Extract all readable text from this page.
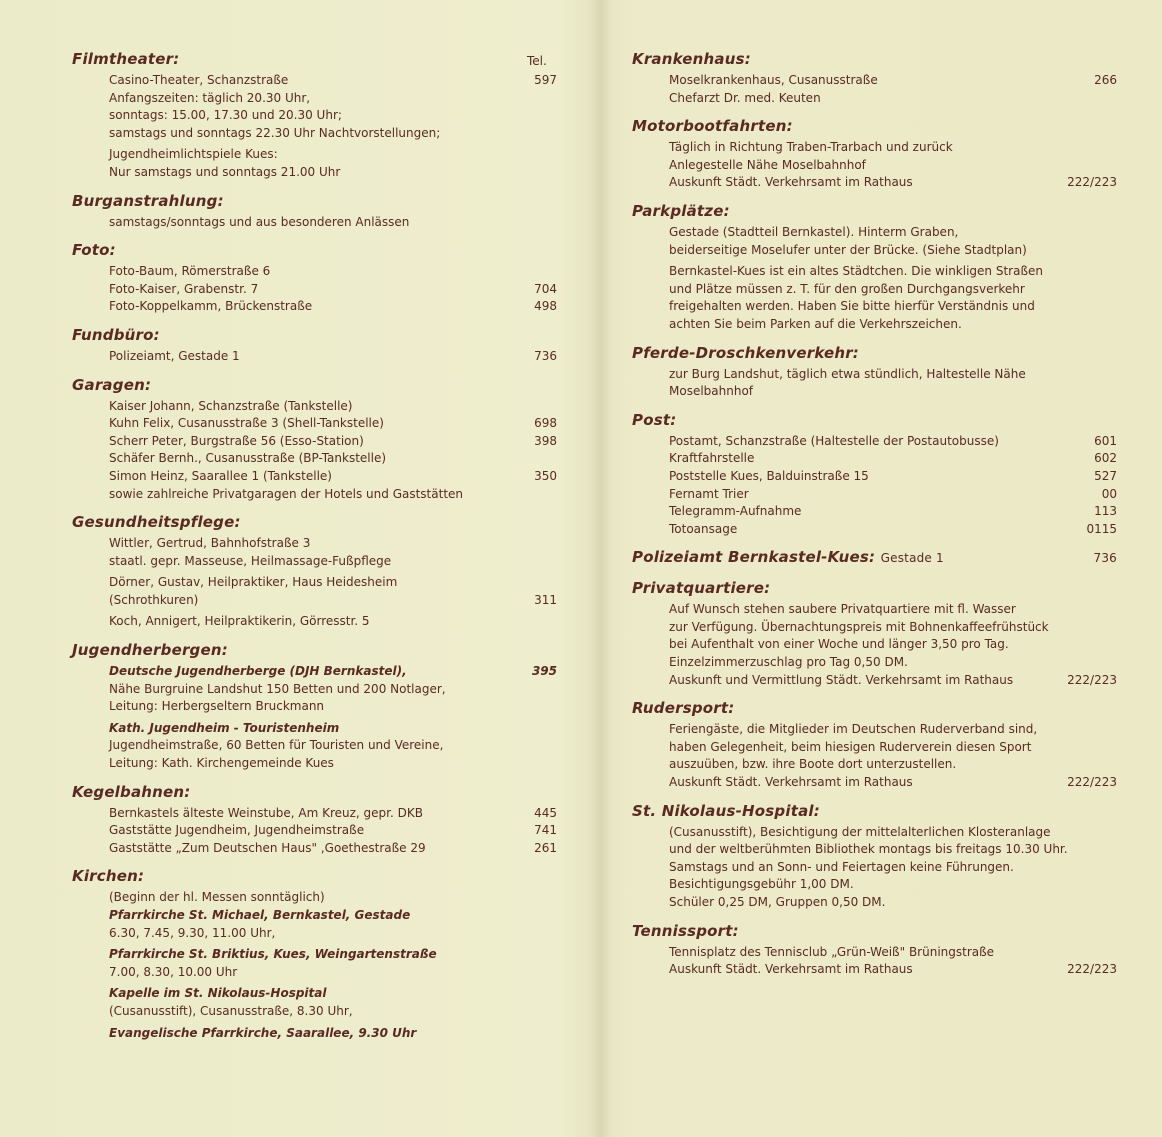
Tel.
Filmtheater:
Casino-Theater, Schanzstraße	597
Anfangszeiten: täglich 20.30 Uhr,
sonntags: 15.00, 17.30 und 20.30 Uhr;
samstags und sonntags 22.30 Uhr Nachtvorstellungen;
Jugendheimlichtspiele Kues:
Nur samstags und sonntags 21.00 Uhr
Burganstrahlung:
samstags/sonntags und aus besonderen Anlässen
Foto:
Foto-Baum, Römerstraße 6
Foto-Kaiser, Grabenstr. 7	704
Foto-Koppelkamm, Brückenstraße	498
Fundbüro:
Polizeiamt, Gestade 1	736
Garagen:
Kaiser Johann, Schanzstraße (Tankstelle)
Kuhn Felix, Cusanusstraße 3 (Shell-Tankstelle)	698
Scherr Peter, Burgstraße 56 (Esso-Station)	398
Schäfer Bernh., Cusanusstraße (BP-Tankstelle)
Simon Heinz, Saarallee 1 (Tankstelle)	350
sowie zahlreiche Privatgaragen der Hotels und Gaststätten
Gesundheitspflege:
Wittler, Gertrud, Bahnhofstraße 3
staatl. gepr. Masseuse, Heilmassage-Fußpflege
Dörner, Gustav, Heilpraktiker, Haus Heidesheim
(Schrothkuren)	311
Koch, Annigert, Heilpraktikerin, Görresstr. 5
Jugendherbergen:
Deutsche Jugendherberge (DJH Bernkastel),	395
Nähe Burgruine Landshut 150 Betten und 200 Notlager,
Leitung: Herbergseltern Bruckmann
Kath. Jugendheim - Touristenheim
Jugendheimstraße, 60 Betten für Touristen und Vereine,
Leitung: Kath. Kirchengemeinde Kues
Kegelbahnen:
Bernkastels älteste Weinstube, Am Kreuz, gepr. DKB	445
Gaststätte Jugendheim, Jugendheimstraße	741
Gaststätte „Zum Deutschen Haus" ,Goethestraße 29	261
Kirchen:
(Beginn der hl. Messen sonntäglich)
Pfarrkirche St. Michael, Bernkastel, Gestade
6.30, 7.45, 9.30, 11.00 Uhr,
Pfarrkirche St. Briktius, Kues, Weingartenstraße
7.00, 8.30, 10.00 Uhr
Kapelle im St. Nikolaus-Hospital
(Cusanusstift), Cusanusstraße, 8.30 Uhr,
Evangelische Pfarrkirche, Saarallee, 9.30 Uhr
Krankenhaus:
Moselkrankenhaus, Cusanusstraße	266
Chefarzt Dr. med. Keuten
Motorbootfahrten:
Täglich in Richtung Traben-Trarbach und zurück
Anlegestelle Nähe Moselbahnhof
Auskunft Städt. Verkehrsamt im Rathaus	222/223
Parkplätze:
Gestade (Stadtteil Bernkastel). Hinterm Graben,
beiderseitige Moselufer unter der Brücke. (Siehe Stadtplan)
Bernkastel-Kues ist ein altes Städtchen. Die winkligen Straßen
und Plätze müssen z. T. für den großen Durchgangsverkehr
freigehalten werden. Haben Sie bitte hierfür Verständnis und
achten Sie beim Parken auf die Verkehrszeichen.
Pferde-Droschkenverkehr:
zur Burg Landshut, täglich etwa stündlich, Haltestelle Nähe
Moselbahnhof
Post:
Postamt, Schanzstraße (Haltestelle der Postautobusse)	601
Kraftfahrstelle	602
Poststelle Kues, Balduinstraße 15	527
Fernamt Trier	00
Telegramm-Aufnahme	113
Totoansage	0115
Polizeiamt Bernkastel-Kues: Gestade 1	736
Privatquartiere:
Auf Wunsch stehen saubere Privatquartiere mit fl. Wasser
zur Verfügung. Übernachtungspreis mit Bohnenkaffeefrühstück
bei Aufenthalt von einer Woche und länger 3,50 pro Tag.
Einzelzimmerzuschlag pro Tag 0,50 DM.
Auskunft und Vermittlung Städt. Verkehrsamt im Rathaus	222/223
Rudersport:
Feriengäste, die Mitglieder im Deutschen Ruderverband sind,
haben Gelegenheit, beim hiesigen Ruderverein diesen Sport
auszuüben, bzw. ihre Boote dort unterzustellen.
Auskunft Städt. Verkehrsamt im Rathaus	222/223
St. Nikolaus-Hospital:
(Cusanusstift), Besichtigung der mittelalterlichen Klosteranlage
und der weltberühmten Bibliothek montags bis freitags 10.30 Uhr.
Samstags und an Sonn- und Feiertagen keine Führungen.
Besichtigungsgebühr 1,00 DM.
Schüler 0,25 DM, Gruppen 0,50 DM.
Tennissport:
Tennisplatz des Tennisclub „Grün-Weiß" Brüningstraße
Auskunft Städt. Verkehrsamt im Rathaus	222/223
